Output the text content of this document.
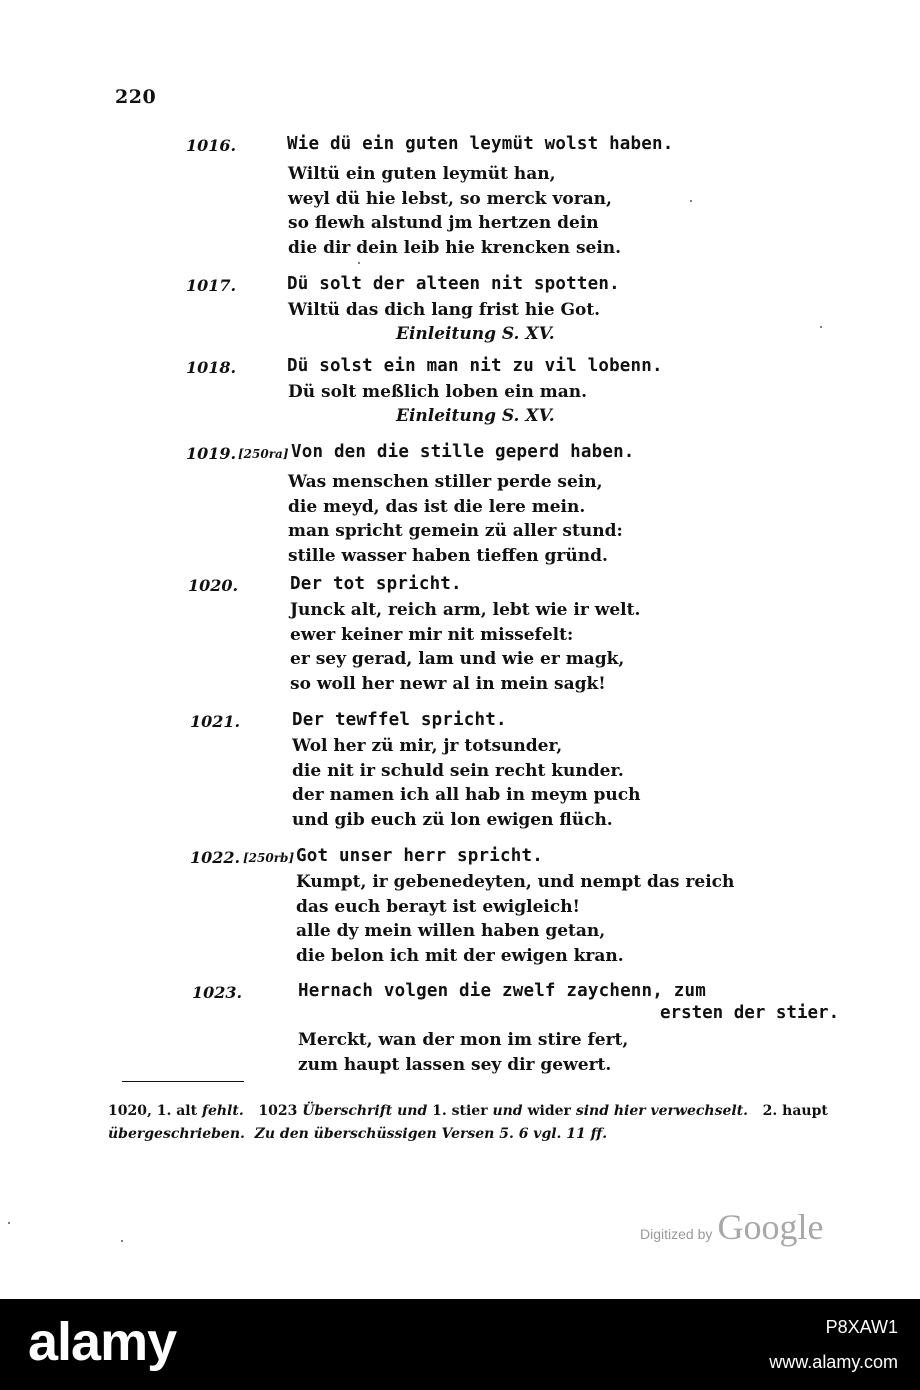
220
1016.	Wie dü ein guten leymüt wolst haben.
Wiltü ein guten leymüt han,
weyl dü hie lebst, so merck voran,
so flewh alstund jm hertzen dein
die dir dein leib hie krencken sein.
1017.	Dü solt der alteen nit spotten.
Wiltü das dich lang frist hie Got.
Einleitung S. XV.
1018.	Dü solst ein man nit zu vil lobenn.
Dü solt meßlich loben ein man.
Einleitung S. XV.
1019. [250ra] Von den die stille geperd haben.
Was menschen stiller perde sein,
die meyd, das ist die lere mein.
man spricht gemein zü aller stund:
stille wasser haben tieffen gründ.
1020.	Der tot spricht.
Junck alt, reich arm, lebt wie ir welt.
ewer keiner mir nit missefelt:
er sey gerad, lam und wie er magk,
so woll her newr al in mein sagk!
1021.	Der tewffel spricht.
Wol her zü mir, jr totsunder,
die nit ir schuld sein recht kunder.
der namen ich all hab in meym puch
und gib euch zü lon ewigen flüch.
1022. [250rb] Got unser herr spricht.
Kumpt, ir gebenedeyten, und nempt das reich
das euch berayt ist ewigleich!
alle dy mein willen haben getan,
die belon ich mit der ewigen kran.
1023.	Hernach volgen die zwelf zaychenn, zum
ersten der stier.
Merckt, wan der mon im stire fert,
zum haupt lassen sey dir gewert.
1020, 1. alt fehlt.   1023 Überschrift und 1. stier und wider sind hier verwechselt.   2. haupt
übergeschrieben.  Zu den überschüssigen Versen 5. 6 vgl. 11 ff.
Digitized by Google
alamy	P8XAW1
www.alamy.com
